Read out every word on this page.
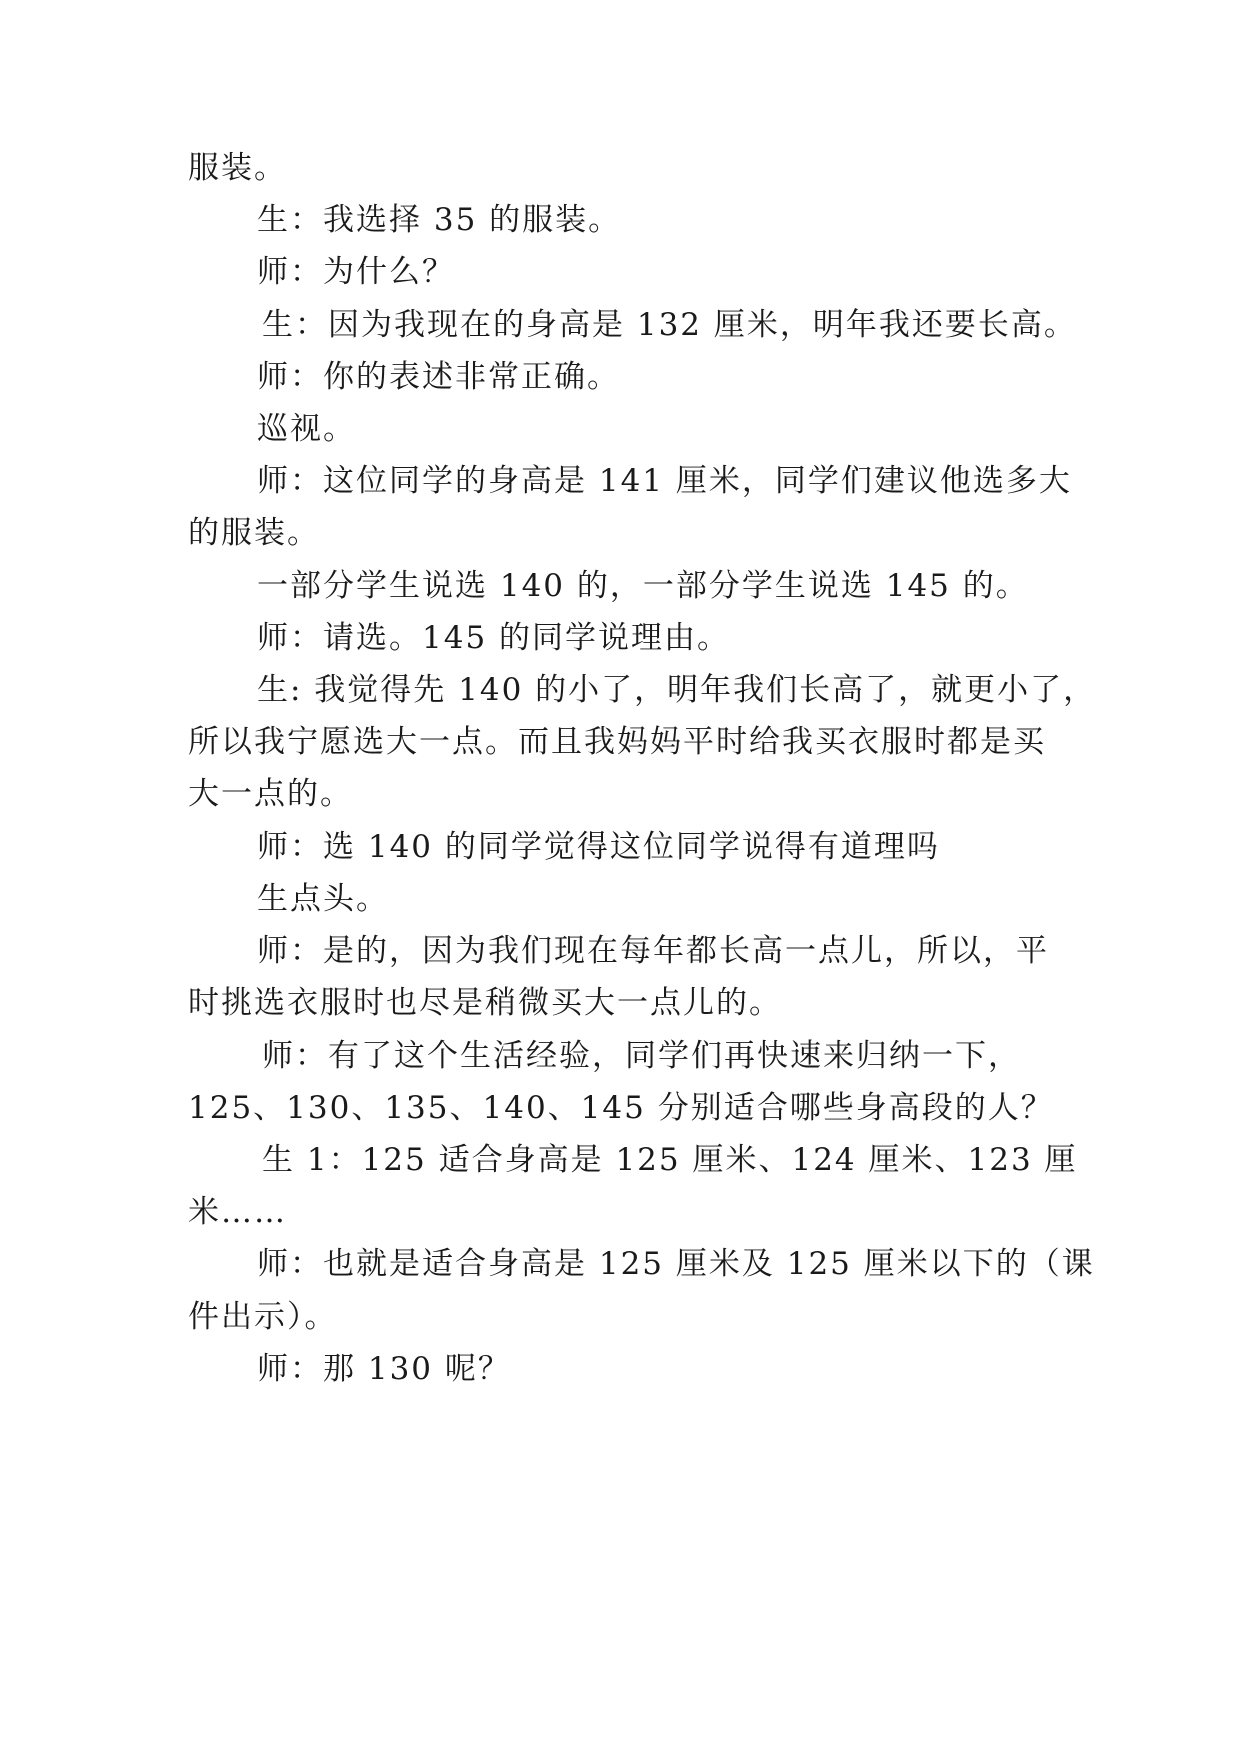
服装。
生：我选择 35 的服装。
师：为什么？
生：因为我现在的身高是 132 厘米，明年我还要长高。
师：你的表述非常正确。
巡视。
师：这位同学的身高是 141 厘米，同学们建议他选多大
的服装。
一部分学生说选 140 的，一部分学生说选 145 的。
师：请选。145 的同学说理由。
生: 我觉得先 140 的小了，明年我们长高了，就更小了，
所以我宁愿选大一点。而且我妈妈平时给我买衣服时都是买
大一点的。
师：选 140 的同学觉得这位同学说得有道理吗
生点头。
师：是的，因为我们现在每年都长高一点儿，所以，平
时挑选衣服时也尽是稍微买大一点儿的。
师：有了这个生活经验，同学们再快速来归纳一下，
125、130、135、140、145 分别适合哪些身高段的人？
生 1：125 适合身高是 125 厘米、124 厘米、123 厘
米……
师：也就是适合身高是 125 厘米及 125 厘米以下的（课
件出示）。
师：那 130 呢？
